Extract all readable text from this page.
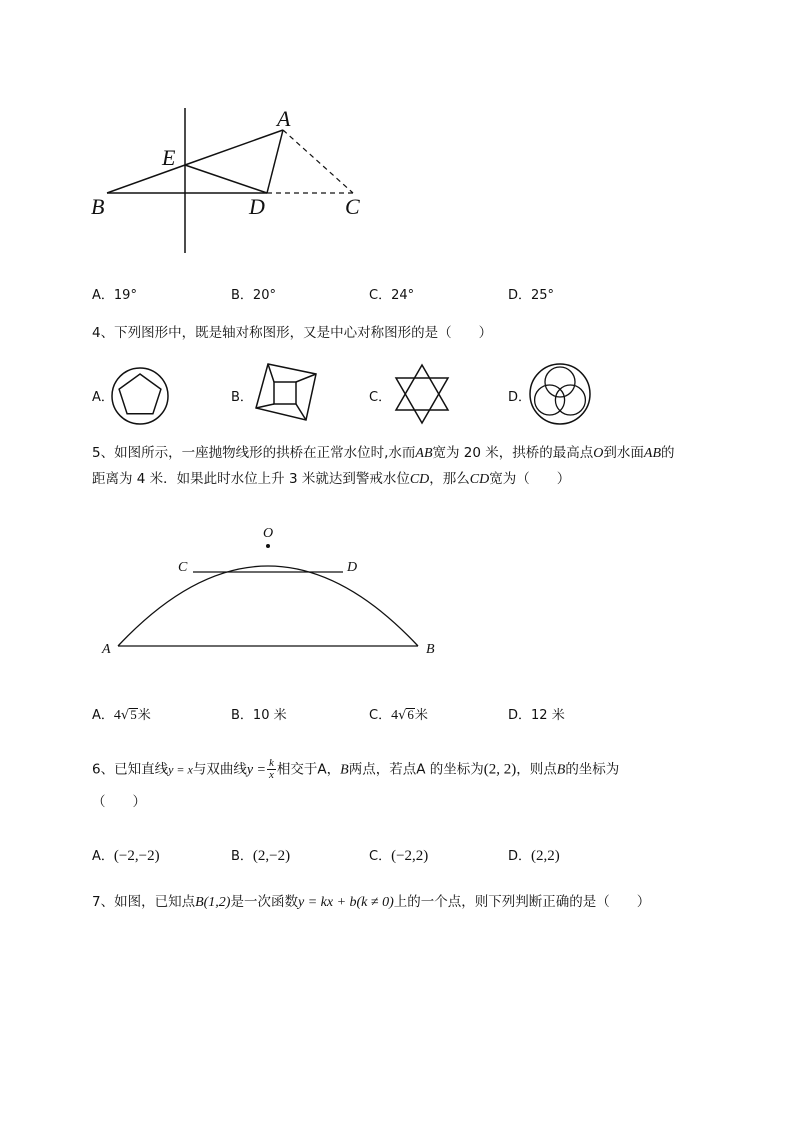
A
E
B	D	C
A．19°	B．20°	C．24°	D．25°
4、下列图形中，既是轴对称图形，又是中心对称图形的是（　　）
A．	B．	C．	D．
5、如图所示，一座抛物线形的拱桥在正常水位时,水而AB宽为 20 米，拱桥的最高点O到水面AB的
距离为 4 米．如果此时水位上升 3 米就达到警戒水位CD，那么CD宽为（　　）
O
C	D
A	B
A．4√5米	B．10 米	C．4√6米	D．12 米
6、已知直线y = x与双曲线$y = \frac{k}{x}$ 相交于A，B两点，若点A 的坐标为(2, 2)，则点B的坐标为
（　　）
A．(−2,−2)	B．(2,−2)	C．(−2,2)	D．(2,2)
7、如图，已知点B(1,2)是一次函数y = kx + b(k ≠ 0)上的一个点，则下列判断正确的是（　　）
